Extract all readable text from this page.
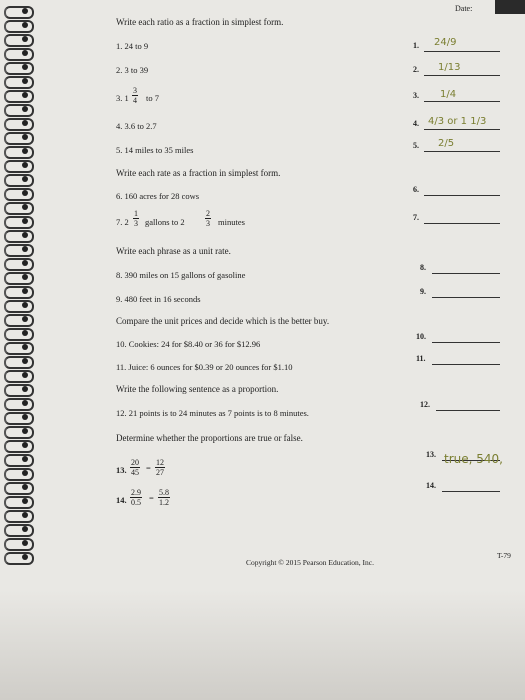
Date:
Write each ratio as a fraction in simplest form.
1. 24 to 9
2. 3 to 39
3. $1 \frac{3}{4}$ to 7
4. 3.6 to 2.7
5. 14 miles to 35 miles
Write each rate as a fraction in simplest form.
6. 160 acres for 28 cows
7. $2 \frac{1}{3}$ gallons to 2	$\frac{2}{3}$ minutes
Write each phrase as a unit rate.
8. 390 miles on 15 gallons of gasoline
9. 480 feet in 16 seconds
Compare the unit prices and decide which is the better buy.
10. Cookies: 24 for $8.40 or 36 for $12.96
11. Juice: 6 ounces for $0.39 or 20 ounces for $1.10
Write the following sentence as a proportion.
12. 21 points is to 24 minutes as 7 points is to 8 minutes.
Determine whether the proportions are true or false.
13. $\frac{20}{45} = \frac{12}{27}$
14. $\frac{2.9}{0.5} = \frac{5.8}{1.2}$
1.
2.
3.
4.
5.
6.
7.
8.
9.
10.
11.
12.
13.
14.
24/9
1/13
1/4
4/3 or 1 1/3
2/5
true, 540,
Copyright © 2015 Pearson Education, Inc.
T-79
